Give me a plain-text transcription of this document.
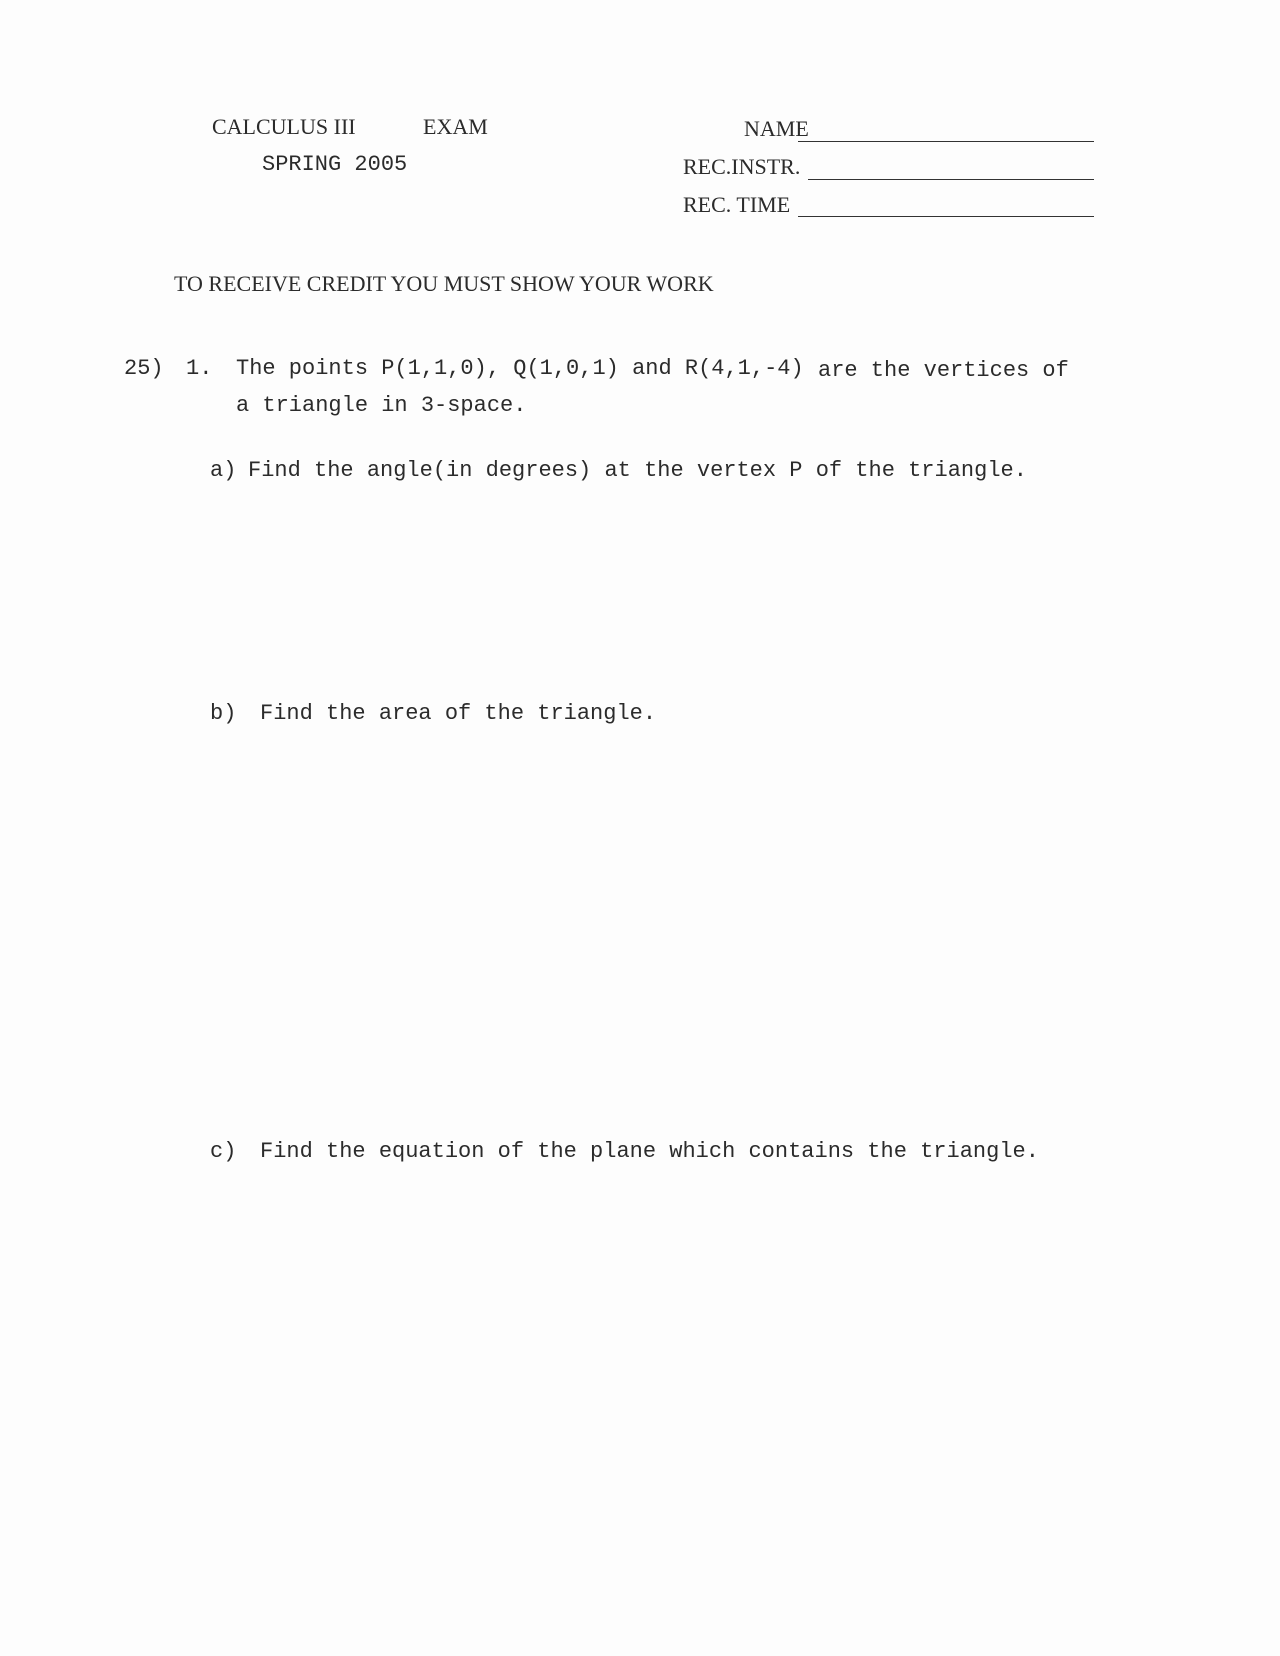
CALCULUS III	EXAM
SPRING 2005
NAME
REC.INSTR.
REC. TIME
TO RECEIVE CREDIT YOU MUST SHOW YOUR WORK
25) 1. The points P(1,1,0), Q(1,0,1) and R(4,1,-4) are the vertices of
a triangle in 3-space.
a) Find the angle(in degrees) at the vertex P of the triangle.
b) Find the area of the triangle.
c) Find the equation of the plane which contains the triangle.
